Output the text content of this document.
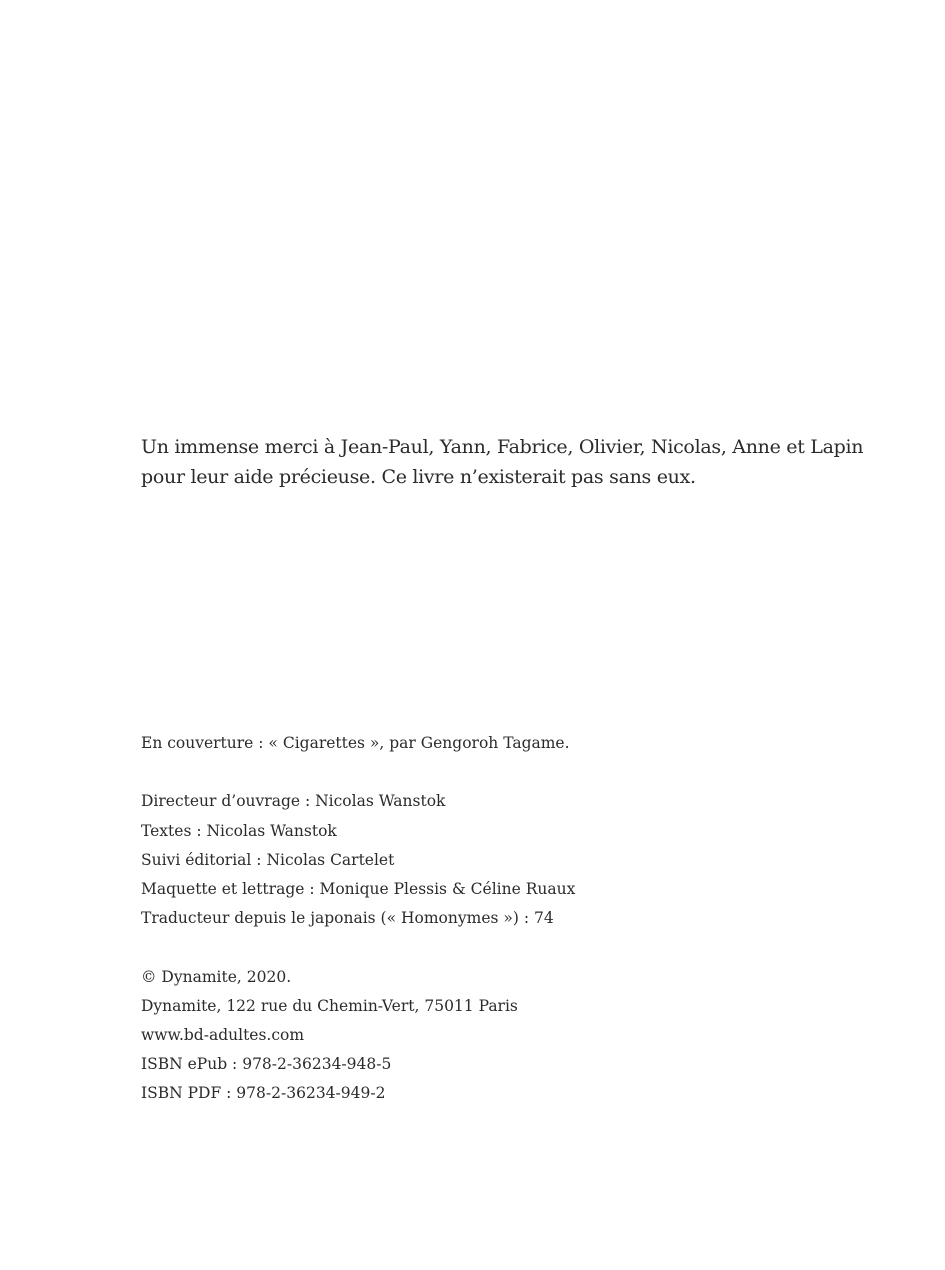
Un immense merci à Jean-Paul, Yann, Fabrice, Olivier, Nicolas, Anne et Lapin
pour leur aide précieuse. Ce livre n’existerait pas sans eux.

En couverture : « Cigarettes », par Gengoroh Tagame.
Directeur d’ouvrage : Nicolas Wanstok
Textes : Nicolas Wanstok
Suivi éditorial : Nicolas Cartelet
Maquette et lettrage : Monique Plessis & Céline Ruaux
Traducteur depuis le japonais (« Homonymes ») : 74
© Dynamite, 2020.
Dynamite, 122 rue du Chemin-Vert, 75011 Paris
www.bd-adultes.com
ISBN ePub : 978-2-36234-948-5
ISBN PDF : 978-2-36234-949-2
